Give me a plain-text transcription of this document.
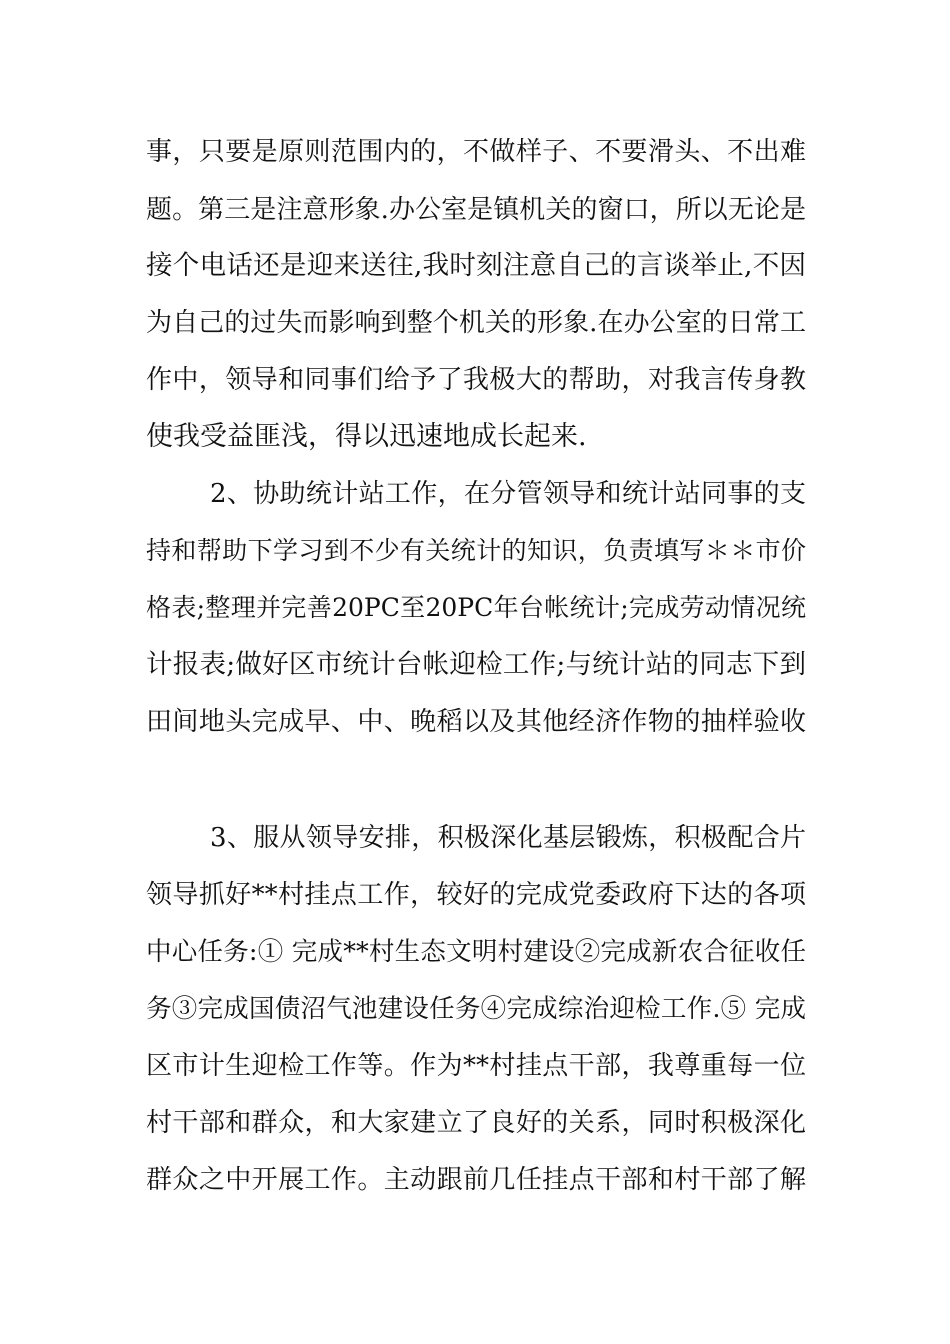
事，只要是原则范围内的，不做样子、不要滑头、不出难
题。第三是注意形象.办公室是镇机关的窗口，所以无论是
接个电话还是迎来送往,我时刻注意自己的言谈举止,不因
为自己的过失而影响到整个机关的形象.在办公室的日常工
作中，领导和同事们给予了我极大的帮助，对我言传身教
使我受益匪浅，得以迅速地成长起来.
2、协助统计站工作，在分管领导和统计站同事的支
持和帮助下学习到不少有关统计的知识，负责填写＊＊市价
格表;整理并完善20PC至20PC年台帐统计;完成劳动情况统
计报表;做好区市统计台帐迎检工作;与统计站的同志下到
田间地头完成早、中、晚稻以及其他经济作物的抽样验收
3、服从领导安排，积极深化基层锻炼，积极配合片
领导抓好**村挂点工作，较好的完成党委政府下达的各项
中心任务:① 完成**村生态文明村建设②完成新农合征收任
务③完成国债沼气池建设任务④完成综治迎检工作.⑤ 完成
区市计生迎检工作等。作为**村挂点干部，我尊重每一位
村干部和群众，和大家建立了良好的关系，同时积极深化
群众之中开展工作。主动跟前几任挂点干部和村干部了解
